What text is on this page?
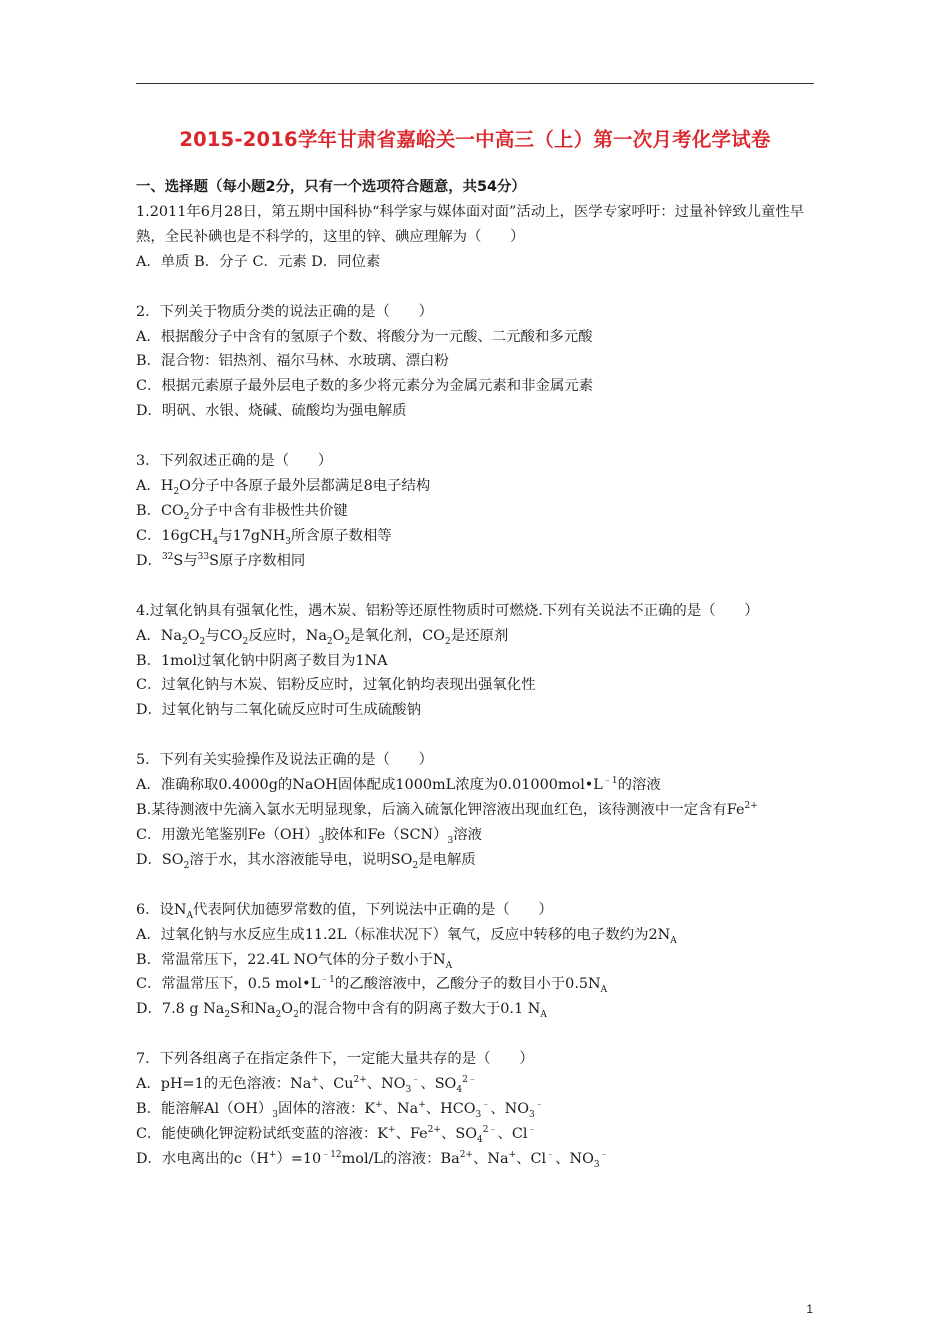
2015-2016学年甘肃省嘉峪关一中高三（上）第一次月考化学试卷
一、选择题（每小题2分，只有一个选项符合题意，共54分）
1.2011年6月28日，第五期中国科协“科学家与媒体面对面”活动上，医学专家呼吁：过量补锌致儿童性早熟，全民补碘也是不科学的，这里的锌、碘应理解为（　　）
A．单质 B．分子 C．元素 D．同位素
2．下列关于物质分类的说法正确的是（　　）
A．根据酸分子中含有的氢原子个数、将酸分为一元酸、二元酸和多元酸
B．混合物：铝热剂、福尔马林、水玻璃、漂白粉
C．根据元素原子最外层电子数的多少将元素分为金属元素和非金属元素
D．明矾、水银、烧碱、硫酸均为强电解质
3．下列叙述正确的是（　　）
A．$H_2O$分子中各原子最外层都满足8电子结构
B．$CO_2$分子中含有非极性共价键
C．16gCH$_4$与17gNH$_3$所含原子数相等
D．$^{32}$S与$^{33}$S原子序数相同
4.过氧化钠具有强氧化性，遇木炭、铝粉等还原性物质时可燃烧.下列有关说法不正确的是（　　）
A．$Na_2O_2$与$CO_2$反应时，$Na_2O_2$是氧化剂，$CO_2$是还原剂
B．1mol过氧化钠中阴离子数目为1NA
C．过氧化钠与木炭、铝粉反应时，过氧化钠均表现出强氧化性
D．过氧化钠与二氧化硫反应时可生成硫酸钠
5．下列有关实验操作及说法正确的是（　　）
A．准确称取0.4000g的NaOH固体配成1000mL浓度为$0.01000mol•L^{﹣1}$的溶液
B.某待测液中先滴入氯水无明显现象，后滴入硫氰化钾溶液出现血红色，该待测液中一定含有$Fe^{2+}$
C．用激光笔鉴别$Fe(OH)_3$胶体和$Fe(SCN)_3$溶液
D．$SO_2$溶于水，其水溶液能导电，说明$SO_2$是电解质
6．设$N_A$代表阿伏加德罗常数的值，下列说法中正确的是（　　）
A．过氧化钠与水反应生成11.2L（标准状况下）氧气，反应中转移的电子数约为$2N_A$
B．常温常压下，22.4L NO气体的分子数小于$N_A$
C．常温常压下，0.5 $mol•L^{﹣1}$的乙酸溶液中，乙酸分子的数目小于$0.5N_A$
D．7.8 g $Na_2S$和$Na_2O_2$的混合物中含有的阴离子数大于0.1 $N_A$
7．下列各组离子在指定条件下，一定能大量共存的是（　　）
A．pH=1的无色溶液：Na+、$Cu^{2+}$、$NO_3^﹣$、$SO_4^{2﹣}$
B．能溶解$Al(OH)_3$固体的溶液：K+、Na+、$HCO_3^﹣$、$NO_3^﹣$
C．能使碘化钾淀粉试纸变蓝的溶液：K+、$Fe^{2+}$、$SO_4^{2﹣}$、Cl﹣
D．水电离出的$c(H^+)=10^{﹣12}mol/L$的溶液：$Ba^{2+}$、Na+、Cl﹣、$NO_3^﹣$
1
